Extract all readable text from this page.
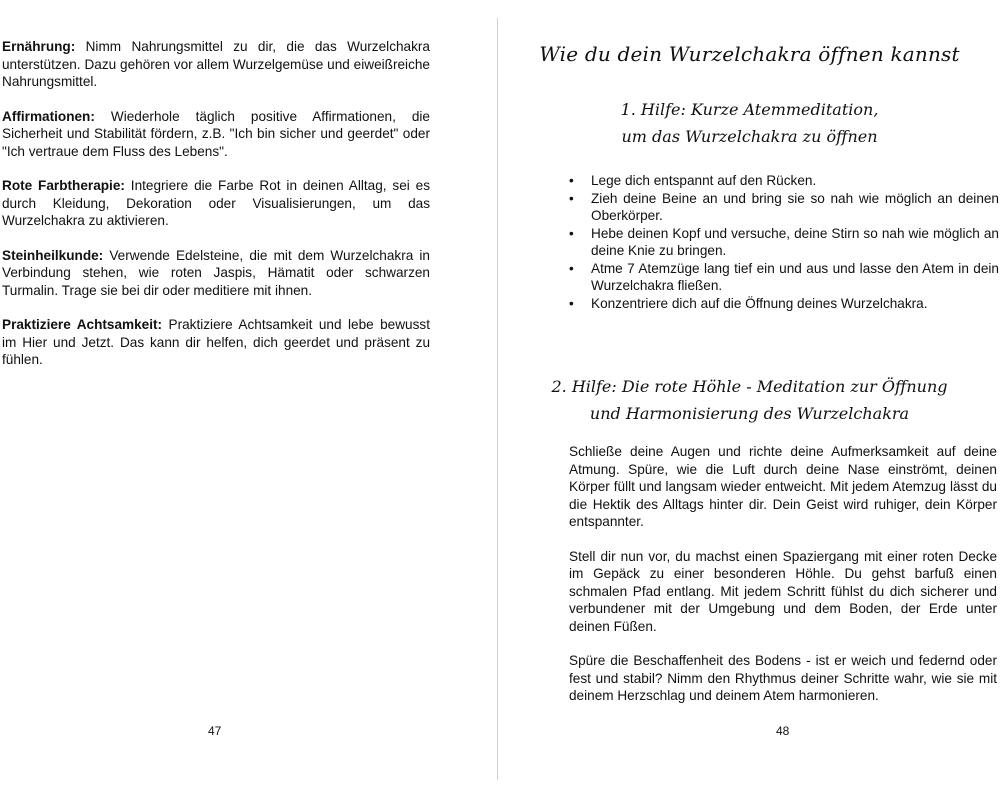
Ernährung: Nimm Nahrungsmittel zu dir, die das Wurzelchakra unterstützen. Dazu gehören vor allem Wurzelgemüse und eiweißreiche Nahrungsmittel.

Affirmationen: Wiederhole täglich positive Affirmationen, die Sicherheit und Stabilität fördern, z.B. "Ich bin sicher und geerdet" oder "Ich vertraue dem Fluss des Lebens".

Rote Farbtherapie: Integriere die Farbe Rot in deinen Alltag, sei es durch Kleidung, Dekoration oder Visualisierungen, um das Wurzelchakra zu aktivieren.

Steinheilkunde: Verwende Edelsteine, die mit dem Wurzelchakra in Verbindung stehen, wie roten Jaspis, Hämatit oder schwarzen Turmalin. Trage sie bei dir oder meditiere mit ihnen.

Praktiziere Achtsamkeit: Praktiziere Achtsamkeit und lebe bewusst im Hier und Jetzt. Das kann dir helfen, dich geerdet und präsent zu fühlen.

47
Wie du dein Wurzelchakra öffnen kannst
1. Hilfe: Kurze Atemmeditation,
um das Wurzelchakra zu öffnen
• Lege dich entspannt auf den Rücken.
• Zieh deine Beine an und bring sie so nah wie möglich an deinen Oberkörper.
• Hebe deinen Kopf und versuche, deine Stirn so nah wie möglich an deine Knie zu bringen.
• Atme 7 Atemzüge lang tief ein und aus und lasse den Atem in dein Wurzelchakra fließen.
• Konzentriere dich auf die Öffnung deines Wurzelchakra.
2. Hilfe: Die rote Höhle - Meditation zur Öffnung
und Harmonisierung des Wurzelchakra

Schließe deine Augen und richte deine Aufmerksamkeit auf deine Atmung. Spüre, wie die Luft durch deine Nase einströmt, deinen Körper füllt und langsam wieder entweicht. Mit jedem Atemzug lässt du die Hektik des Alltags hinter dir. Dein Geist wird ruhiger, dein Körper entspannter.

Stell dir nun vor, du machst einen Spaziergang mit einer roten Decke im Gepäck zu einer besonderen Höhle. Du gehst barfuß einen schmalen Pfad entlang. Mit jedem Schritt fühlst du dich sicherer und verbundener mit der Umgebung und dem Boden, der Erde unter deinen Füßen.

Spüre die Beschaffenheit des Bodens - ist er weich und federnd oder fest und stabil? Nimm den Rhythmus deiner Schritte wahr, wie sie mit deinem Herzschlag und deinem Atem harmonieren.

48
